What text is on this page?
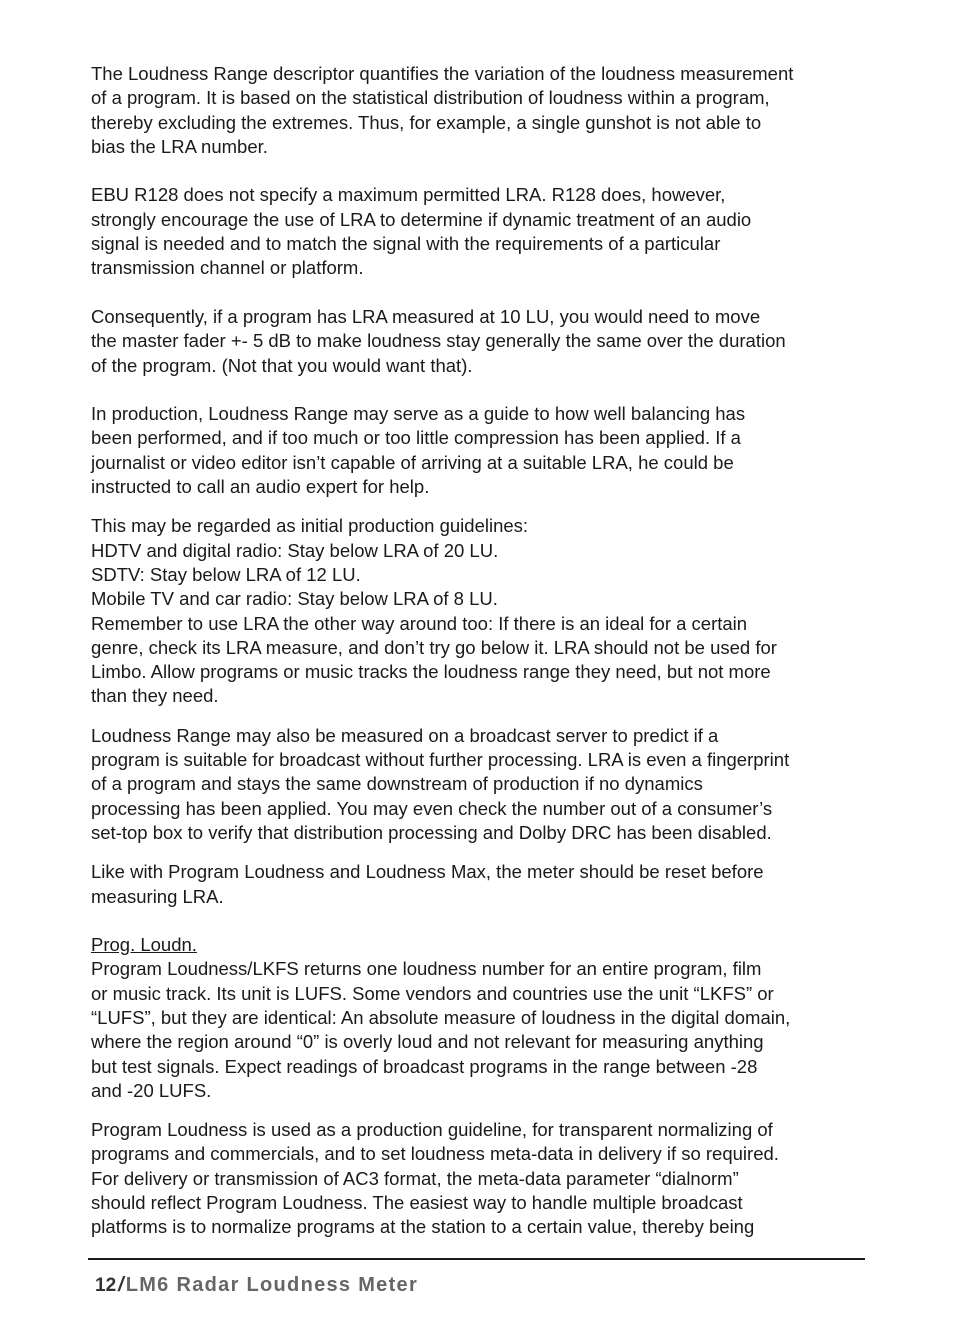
The Loudness Range descriptor quantifies the variation of the loudness measurement
of a program. It is based on the statistical distribution of loudness within a program,
thereby excluding the extremes. Thus, for example, a single gunshot is not able to
bias the LRA number.

EBU R128 does not specify a maximum permitted LRA. R128 does, however,
strongly encourage the use of LRA to determine if dynamic treatment of an audio
signal is needed and to match the signal with the requirements of a particular
transmission channel or platform.

Consequently, if a program has LRA measured at 10 LU, you would need to move
the master fader +- 5 dB to make loudness stay generally the same over the duration
of the program. (Not that you would want that).

In production, Loudness Range may serve as a guide to how well balancing has
been performed, and if too much or too little compression has been applied. If a
journalist or video editor isn’t capable of arriving at a suitable LRA, he could be
instructed to call an audio expert for help.

This may be regarded as initial production guidelines:
HDTV and digital radio: Stay below LRA of 20 LU.
SDTV: Stay below LRA of 12 LU.
Mobile TV and car radio: Stay below LRA of 8 LU.
Remember to use LRA the other way around too: If there is an ideal for a certain
genre, check its LRA measure, and don’t try go below it. LRA should not be used for
Limbo. Allow programs or music tracks the loudness range they need, but not more
than they need.

Loudness Range may also be measured on a broadcast server to predict if a
program is suitable for broadcast without further processing. LRA is even a fingerprint
of a program and stays the same downstream of production if no dynamics
processing has been applied. You may even check the number out of a consumer’s
set-top box to verify that distribution processing and Dolby DRC has been disabled.

Like with Program Loudness and Loudness Max, the meter should be reset before
measuring LRA.

Prog. Loudn.
Program Loudness/LKFS returns one loudness number for an entire program, film
or music track. Its unit is LUFS. Some vendors and countries use the unit “LKFS” or
“LUFS”, but they are identical: An absolute measure of loudness in the digital domain,
where the region around “0” is overly loud and not relevant for measuring anything
but test signals. Expect readings of broadcast programs in the range between -28
and -20 LUFS.

Program Loudness is used as a production guideline, for transparent normalizing of
programs and commercials, and to set loudness meta-data in delivery if so required.
For delivery or transmission of AC3 format, the meta-data parameter “dialnorm”
should reflect Program Loudness. The easiest way to handle multiple broadcast
platforms is to normalize programs at the station to a certain value, thereby being

12 / LM6 Radar Loudness Meter
